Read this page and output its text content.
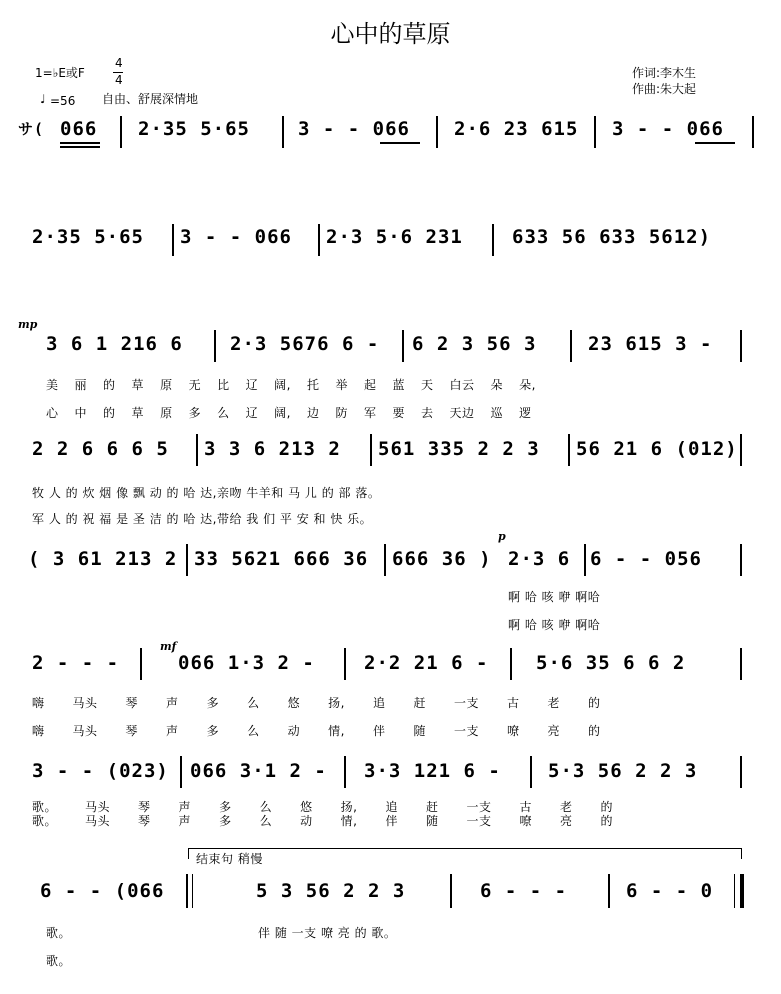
心中的草原
1=♭E或F
4
4
♩ =56 自由、舒展深情地
作词:李木生
作曲:朱大起
サ( 066 2·35 5·65	3 - - 066 2·6 23 615 3 - - 066
2·35 5·65 3 - - 066 2·3 5·6 231	633 56 633 5612)
mp
3 6 1 216 6 2·3 5676 6 - 6 2 3 56 3	23 615 3 -
美 丽 的 草 原 无 比 辽 阔, 托 举 起 蓝 天 白云 朵 朵,
心 中 的 草 原 多 么 辽 阔, 边 防 军 要 去 天边 巡 逻
2 2 6 6 6 5 3 3 6 213 2 561 335 2 2 3 56 21 6 (012)
牧 人 的 炊 烟 像 飘 动 的 哈 达,亲吻 牛羊和 马 儿 的 部 落。
军 人 的 祝 福 是 圣 洁 的 哈 达,带给 我 们 平 安 和 快 乐。
( 3 61 213 2 33 5621 666 36 666 36 )
p
2·3 6 6 - - 056
啊 哈 咳 咿 啊哈
啊 哈 咳 咿 啊哈
2 - - -
mf
066 1·3 2 -	2·2 21 6 -	5·6 35 6 6 2
嗨 马头 琴 声 多 么 悠 扬, 追 赶 一支 古 老 的
嗨 马头 琴 声 多 么 动 情, 伴 随 一支 嘹 亮 的
3 - - (023) 066 3·1 2 - 3·3 121 6 - 5·3 56 2 2 3
歌。 马头 琴 声 多 么 悠 扬, 追 赶 一支 古 老 的
歌。 马头 琴 声 多 么 动 情, 伴 随 一支 嘹 亮 的
结束句 稍慢
6 - - (066	5 3 56 2 2 3	6 - - -	6 - - 0
歌。	伴 随 一支 嘹 亮 的 歌。
歌。
